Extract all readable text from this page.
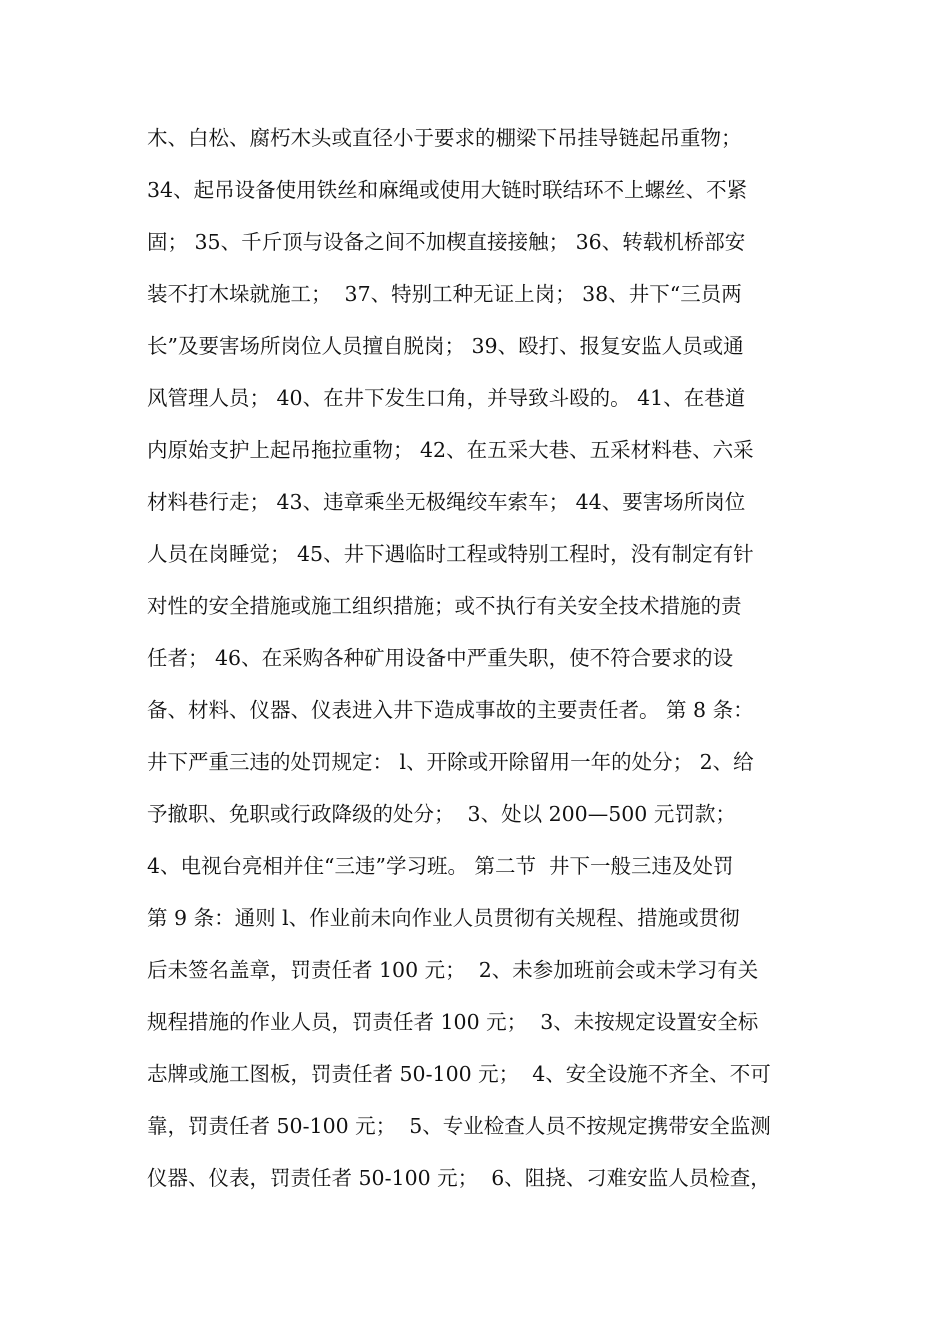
木、白松、腐朽木头或直径小于要求的棚梁下吊挂导链起吊重物；
34、起吊设备使用铁丝和麻绳或使用大链时联结环不上螺丝、不紧
固； 35、千斤顶与设备之间不加楔直接接触； 36、转载机桥部安
装不打木垛就施工；  37、特别工种无证上岗； 38、井下“三员两
长”及要害场所岗位人员擅自脱岗； 39、殴打、报复安监人员或通
风管理人员； 40、在井下发生口角，并导致斗殴的。 41、在巷道
内原始支护上起吊拖拉重物； 42、在五采大巷、五采材料巷、六采
材料巷行走； 43、违章乘坐无极绳绞车索车； 44、要害场所岗位
人员在岗睡觉； 45、井下遇临时工程或特别工程时，没有制定有针
对性的安全措施或施工组织措施；或不执行有关安全技术措施的责
任者； 46、在采购各种矿用设备中严重失职，使不符合要求的设
备、材料、仪器、仪表进入井下造成事故的主要责任者。 第 8 条：
井下严重三违的处罚规定： l、开除或开除留用一年的处分； 2、给
予撤职、免职或行政降级的处分；  3、处以 200—500 元罚款；
4、电视台亮相并住“三违”学习班。 第二节  井下一般三违及处罚
第 9 条：通则 l、作业前未向作业人员贯彻有关规程、措施或贯彻
后未签名盖章，罚责任者 100 元；  2、未参加班前会或未学习有关
规程措施的作业人员，罚责任者 100 元；  3、未按规定设置安全标
志牌或施工图板，罚责任者 50-100 元；  4、安全设施不齐全、不可
靠，罚责任者 50-100 元；  5、专业检查人员不按规定携带安全监测
仪器、仪表，罚责任者 50-100 元；  6、阻挠、刁难安监人员检查，
